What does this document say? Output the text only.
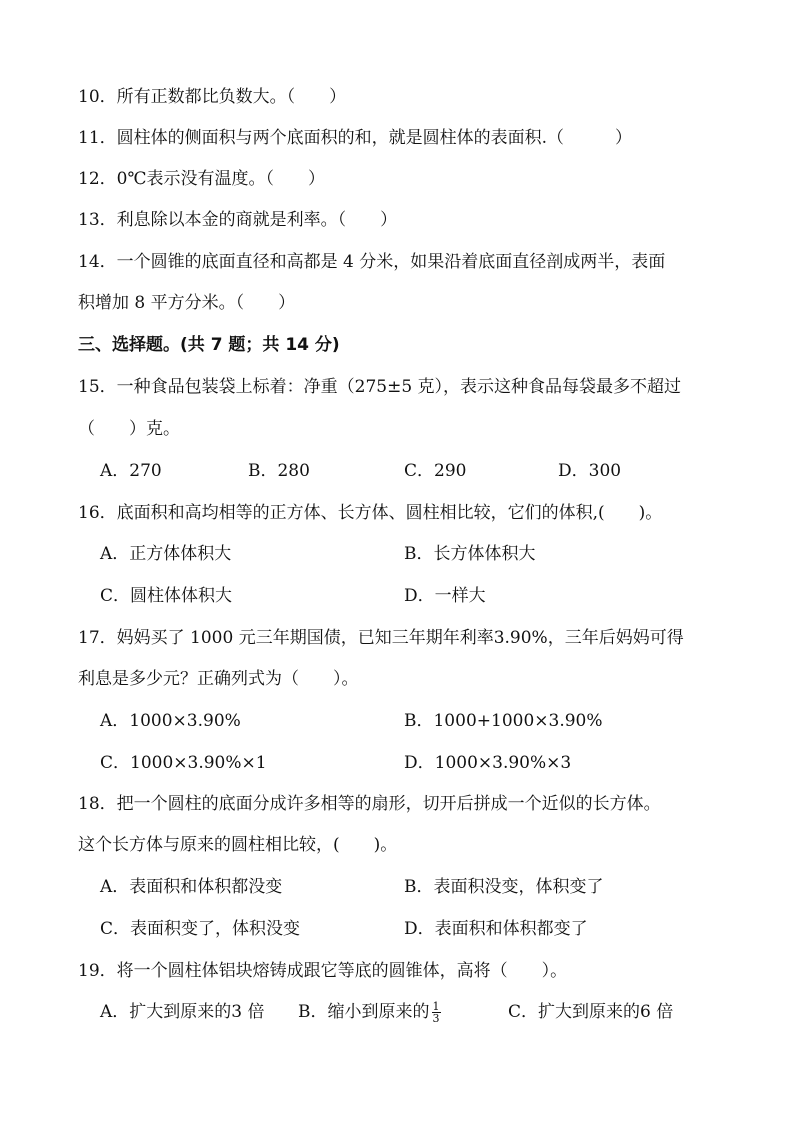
10．所有正数都比负数大。（　　）
11．圆柱体的侧面积与两个底面积的和，就是圆柱体的表面积.（　　　）
12．0℃表示没有温度。（　　）
13．利息除以本金的商就是利率。（　　）
14．一个圆锥的底面直径和高都是 4 分米，如果沿着底面直径剖成两半，表面
积增加 8 平方分米。（　　）
三、选择题。(共 7 题；共 14 分)
15．一种食品包装袋上标着：净重（275±5 克），表示这种食品每袋最多不超过
（　　）克。
A．270	B．280	C．290	D．300
16．底面积和高均相等的正方体、长方体、圆柱相比较，它们的体积,(　　)。
A．正方体体积大	B．长方体体积大
C．圆柱体体积大	D．一样大
17．妈妈买了 1000 元三年期国债，已知三年期年利率3.90%，三年后妈妈可得
利息是多少元？正确列式为（　　）。
A．1000×3.90%	B．1000+1000×3.90%
C．1000×3.90%×1	D．1000×3.90%×3
18．把一个圆柱的底面分成许多相等的扇形，切开后拼成一个近似的长方体。
这个长方体与原来的圆柱相比较，(　　)。
A．表面积和体积都没变	B．表面积没变，体积变了
C．表面积变了，体积没变	D．表面积和体积都变了
19．将一个圆柱体铝块熔铸成跟它等底的圆锥体，高将（　　）。
A．扩大到原来的3 倍 B．缩小到原来的 $\frac{1}{3}$	C．扩大到原来的6 倍
